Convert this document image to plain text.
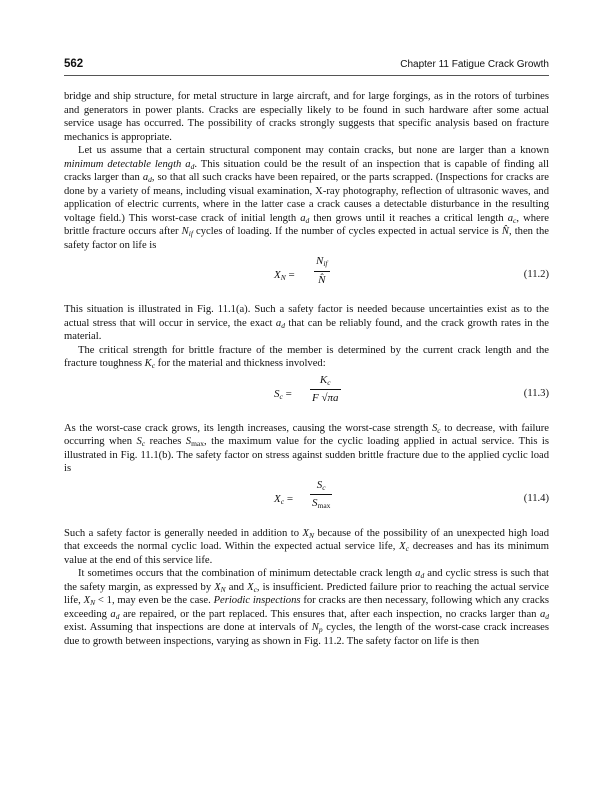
562	Chapter 11 Fatigue Crack Growth

bridge and ship structure, for metal structure in large aircraft, and for large forgings, as in the rotors of turbines and generators in power plants. Cracks are especially likely to be found in such hardware after some actual service usage has occurred. The possibility of cracks strongly suggests that specific analysis based on fracture mechanics is appropriate.

Let us assume that a certain structural component may contain cracks, but none are larger than a known minimum detectable length $a_d$. This situation could be the result of an inspection that is capable of finding all cracks larger than $a_d$, so that all such cracks have been repaired, or the parts scrapped. (Inspections for cracks are done by a variety of means, including visual examination, X-ray photography, reflection of ultrasonic waves, and application of electric currents, where in the latter case a crack causes a detectable disturbance in the resulting voltage field.) This worst-case crack of initial length $a_d$ then grows until it reaches a critical length $a_c$, where brittle fracture occurs after $N_{if}$ cycles of loading. If the number of cycles expected in actual service is N̂, then the safety factor on life is

$X_N$ =
$N_{if}$
N̂	(11.2)

This situation is illustrated in Fig. 11.1(a). Such a safety factor is needed because uncertainties exist as to the actual stress that will occur in service, the exact $a_d$ that can be reliably found, and the crack growth rates in the material.

The critical strength for brittle fracture of the member is determined by the current crack length and the fracture toughness $K_c$ for the material and thickness involved:

$S_c$ =
$K_c$
F √πa	(11.3)

As the worst-case crack grows, its length increases, causing the worst-case strength $S_c$ to decrease, with failure occurring when $S_c$ reaches $S_{max}$, the maximum value for the cyclic loading applied in actual service. This is illustrated in Fig. 11.1(b). The safety factor on stress against sudden brittle fracture due to the applied cyclic load is

$X_c$ =
$S_c$
$S_{max}$
(11.4)

Such a safety factor is generally needed in addition to $X_N$ because of the possibility of an unexpected high load that exceeds the normal cyclic load. Within the expected actual service life, $X_c$ decreases and has its minimum value at the end of this service life.

It sometimes occurs that the combination of minimum detectable crack length $a_d$ and cyclic stress is such that the safety margin, as expressed by $X_N$ and $X_c$, is insufficient. Predicted failure prior to reaching the actual service life, $X_N < 1$, may even be the case. Periodic inspections for cracks are then necessary, following which any cracks exceeding $a_d$ are repaired, or the part replaced. This ensures that, after each inspection, no cracks larger than $a_d$ exist. Assuming that inspections are done at intervals of $N_p$ cycles, the length of the worst-case crack increases due to growth between inspections, varying as shown in Fig. 11.2. The safety factor on life is then
